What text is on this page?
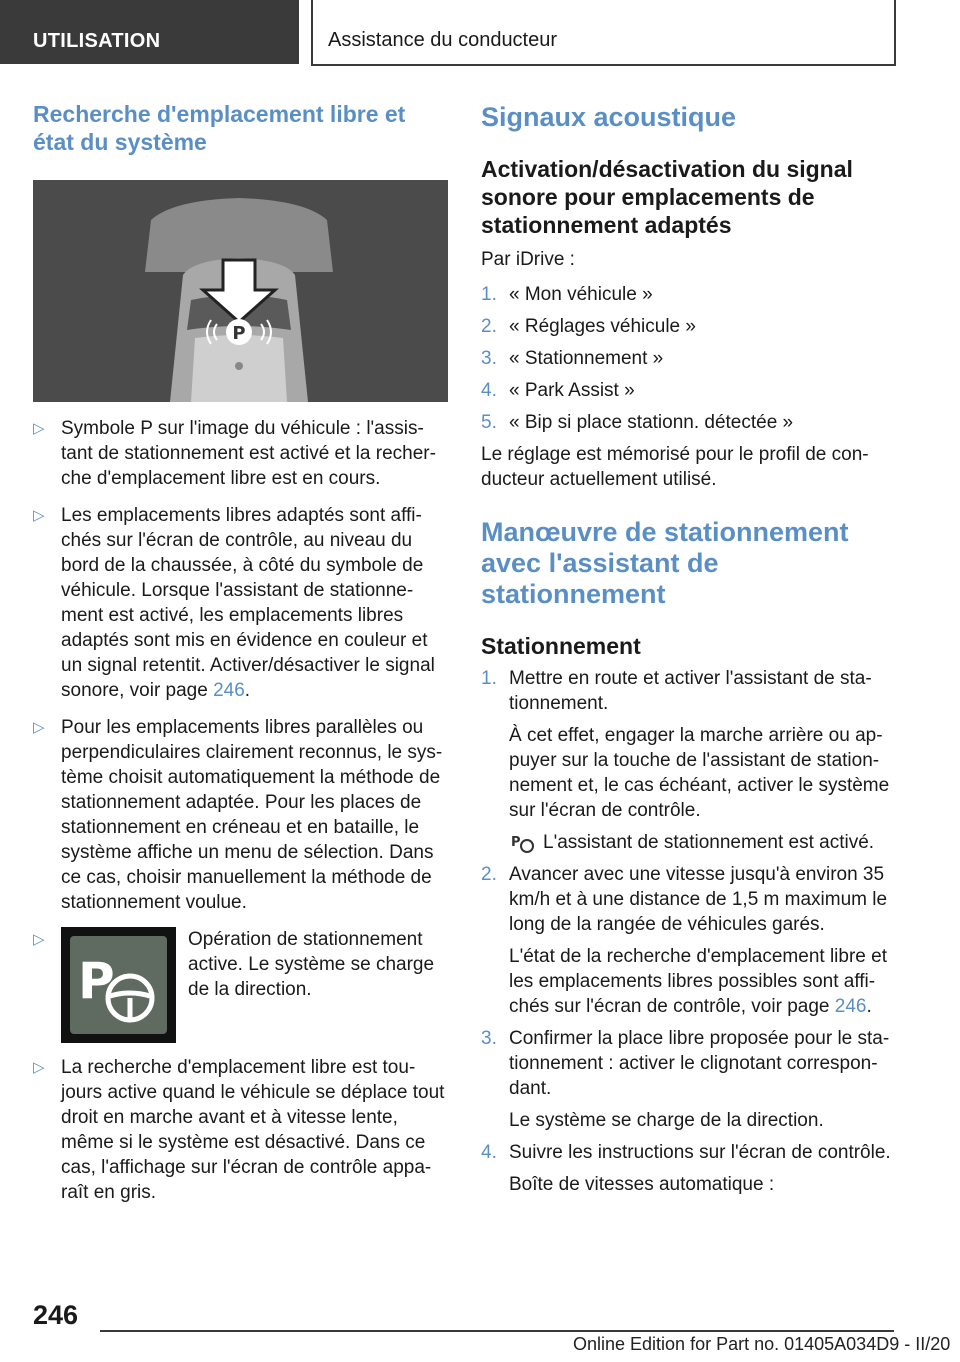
UTILISATION	Assistance du conducteur
Recherche d'emplacement libre et état du système
P
▷ Symbole P sur l'image du véhicule : l'assistant de stationnement est activé et la recherche d'emplacement libre est en cours.
▷ Les emplacements libres adaptés sont affichés sur l'écran de contrôle, au niveau du bord de la chaussée, à côté du symbole de véhicule. Lorsque l'assistant de stationnement est activé, les emplacements libres adaptés sont mis en évidence en couleur et un signal retentit. Activer/désactiver le signal sonore, voir page 246.
▷ Pour les emplacements libres parallèles ou perpendiculaires clairement reconnus, le système choisit automatiquement la méthode de stationnement adaptée. Pour les places de stationnement en créneau et en bataille, le système affiche un menu de sélection. Dans ce cas, choisir manuellement la méthode de stationnement voulue.
▷
P
Opération de stationnement active. Le système se charge de la direction.
▷ La recherche d'emplacement libre est toujours active quand le véhicule se déplace tout droit en marche avant et à vitesse lente, même si le système est désactivé. Dans ce cas, l'affichage sur l'écran de contrôle apparaît en gris.
Signaux acoustique
Activation/désactivation du signal sonore pour emplacements de stationnement adaptés

Par iDrive :

1. « Mon véhicule »
2. « Réglages véhicule »
3. « Stationnement »
4. « Park Assist »
5. « Bip si place stationn. détectée »

Le réglage est mémorisé pour le profil de conducteur actuellement utilisé.

Manœuvre de stationnement avec l'assistant de stationnement
Stationnement
1. Mettre en route et activer l'assistant de stationnement.
À cet effet, engager la marche arrière ou appuyer sur la touche de l'assistant de stationnement et, le cas échéant, activer le système sur l'écran de contrôle.
P L'assistant de stationnement est activé.
2. Avancer avec une vitesse jusqu'à environ 35 km/h et à une distance de 1,5 m maximum le long de la rangée de véhicules garés.
L'état de la recherche d'emplacement libre et les emplacements libres possibles sont affichés sur l'écran de contrôle, voir page 246.
3. Confirmer la place libre proposée pour le stationnement : activer le clignotant correspondant.
Le système se charge de la direction.
4. Suivre les instructions sur l'écran de contrôle.
Boîte de vitesses automatique :
246
Online Edition for Part no. 01405A034D9 - II/20
